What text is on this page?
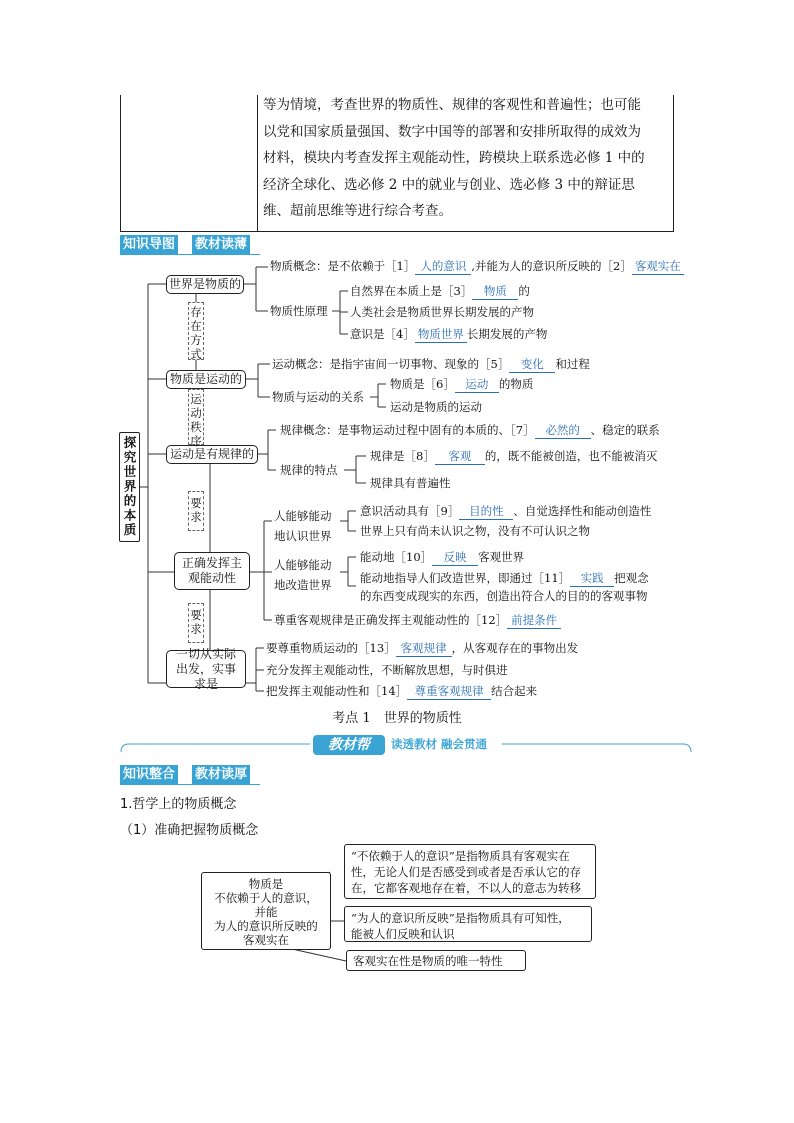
等为情境，考查世界的物质性、规律的客观性和普遍性；也可能
以党和国家质量强国、数字中国等的部署和安排所取得的成效为
材料，模块内考查发挥主观能动性，跨模块上联系选必修 1 中的
经济全球化、选必修 2 中的就业与创业、选必修 3 中的辩证思
维、超前思维等进行综合考查。
知识导图 教材读薄
探究世界的本质
世界是物质的
物质是运动的
运动是有规律的
正确发挥主观能动性
一切从实际出发，实事求是
存在方式
运动秩序
要求
要求
物质概念：是不依赖于［1］ 人的意识 ,并能为人的意识所反映的［2］ 客观实在
物质性原理
自然界在本质上是［3］ 物质 的
人类社会是物质世界长期发展的产物
意识是［4］ 物质世界 长期发展的产物
运动概念：是指宇宙间一切事物、现象的［5］ 变化 和过程
物质与运动的关系
物质是［6］ 运动 的物质
运动是物质的运动
规律概念：是事物运动过程中固有的本质的、［7］ 必然的 、稳定的联系
规律的特点
规律是［8］ 客观 的，既不能被创造，也不能被消灭
规律具有普遍性
人能够能动地认识世界
意识活动具有［9］ 目的性 、自觉选择性和能动创造性
世界上只有尚未认识之物，没有不可认识之物
人能够能动地改造世界
能动地［10］ 反映 客观世界
能动地指导人们改造世界，即通过［11］ 实践 把观念
的东西变成现实的东西，创造出符合人的目的的客观事物
尊重客观规律是正确发挥主观能动性的［12］ 前提条件
要尊重物质运动的［13］ 客观规律 ，从客观存在的事物出发
充分发挥主观能动性，不断解放思想，与时俱进
把发挥主观能动性和［14］ 尊重客观规律 结合起来
考点 1　世界的物质性
教材帮	读透教材 融会贯通
知识整合 教材读厚
1.哲学上的物质概念
（1）准确把握物质概念
物质是
不依赖于人的意识，
并能
为人的意识所反映的
客观实在
“不依赖于人的意识”是指物质具有客观实在
性，无论人们是否感受到或者是否承认它的存
在，它都客观地存在着，不以人的意志为转移
“为人的意识所反映”是指物质具有可知性，
能被人们反映和认识
客观实在性是物质的唯一特性
